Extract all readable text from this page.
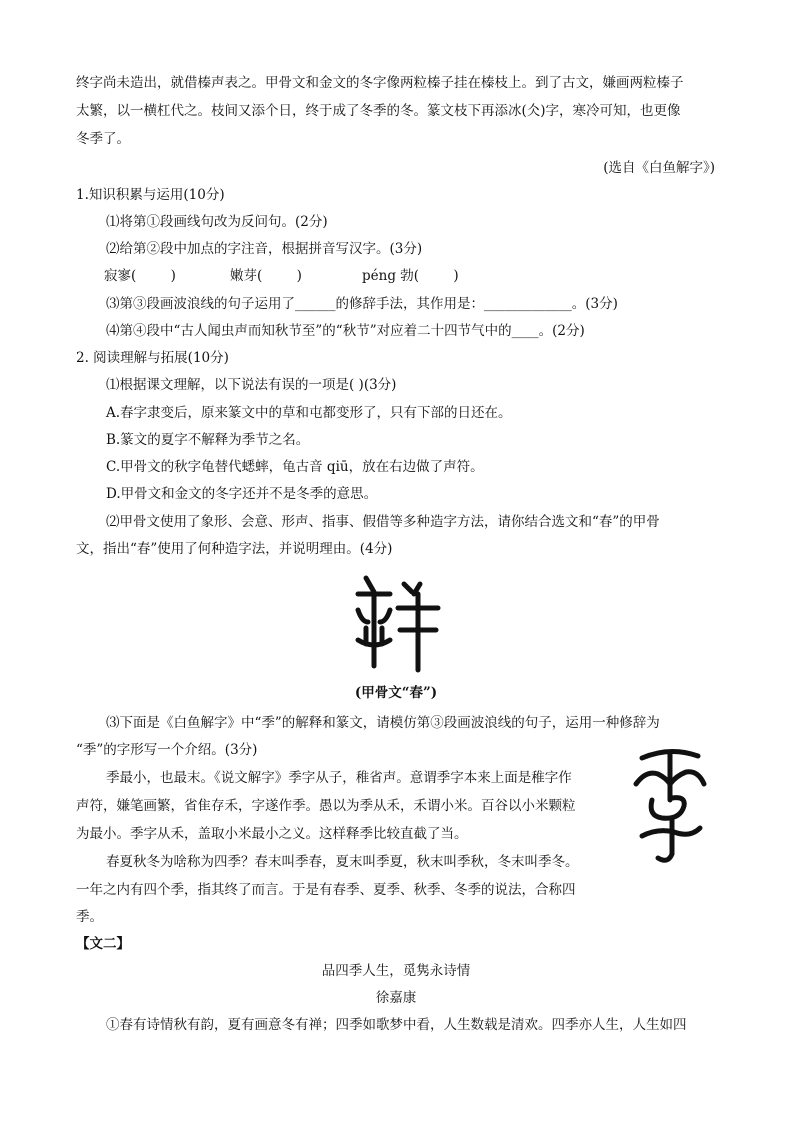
终字尚未造出，就借榛声表之。甲骨文和金文的冬字像两粒榛子挂在榛枝上。到了古文，嫌画两粒榛子
太繁，以一横杠代之。枝间又添个日，终于成了冬季的冬。篆文枝下再添冰(仌)字，寒冷可知，也更像
冬季了。
(选自《白鱼解字》)
1.知识积累与运用(10分)
⑴将第①段画线句改为反问句。(2分)
⑵给第②段中加点的字注音，根据拼音写汉字。(3分)
寂寥(        )	嫩芽(        )	péng 勃(        )
⑶第③段画波浪线的句子运用了______的修辞手法，其作用是：_____________。(3分)
⑷第④段中“古人闻虫声而知秋节至”的“秋节”对应着二十四节气中的____。(2分)
2. 阅读理解与拓展(10分)
⑴根据课文理解，以下说法有误的一项是( )(3分)
A.春字隶变后，原来篆文中的草和屯都变形了，只有下部的日还在。
B.篆文的夏字不解释为季节之名。
C.甲骨文的秋字龟替代蟋蟀，龟古音 qiū，放在右边做了声符。
D.甲骨文和金文的冬字还并不是冬季的意思。
⑵甲骨文使用了象形、会意、形声、指事、假借等多种造字方法，请你结合选文和“春”的甲骨
文，指出“春”使用了何种造字法，并说明理由。(4分)
(甲骨文“春”)
⑶下面是《白鱼解字》中“季”的解释和篆文，请模仿第③段画波浪线的句子，运用一种修辞为
“季”的字形写一个介绍。(3分)
季最小，也最末。《说文解字》季字从子，稚省声。意谓季字本来上面是稚字作
声符，嫌笔画繁，省隹存禾，字遂作季。愚以为季从禾，禾谓小米。百谷以小米颗粒
为最小。季字从禾，盖取小米最小之义。这样释季比较直截了当。
春夏秋冬为啥称为四季？春末叫季春，夏末叫季夏，秋末叫季秋，冬末叫季冬。
一年之内有四个季，指其终了而言。于是有春季、夏季、秋季、冬季的说法，合称四
季。
【文二】
品四季人生，觅隽永诗情
徐嘉康
①春有诗情秋有韵，夏有画意冬有禅；四季如歌梦中看，人生数载是清欢。四季亦人生，人生如四
